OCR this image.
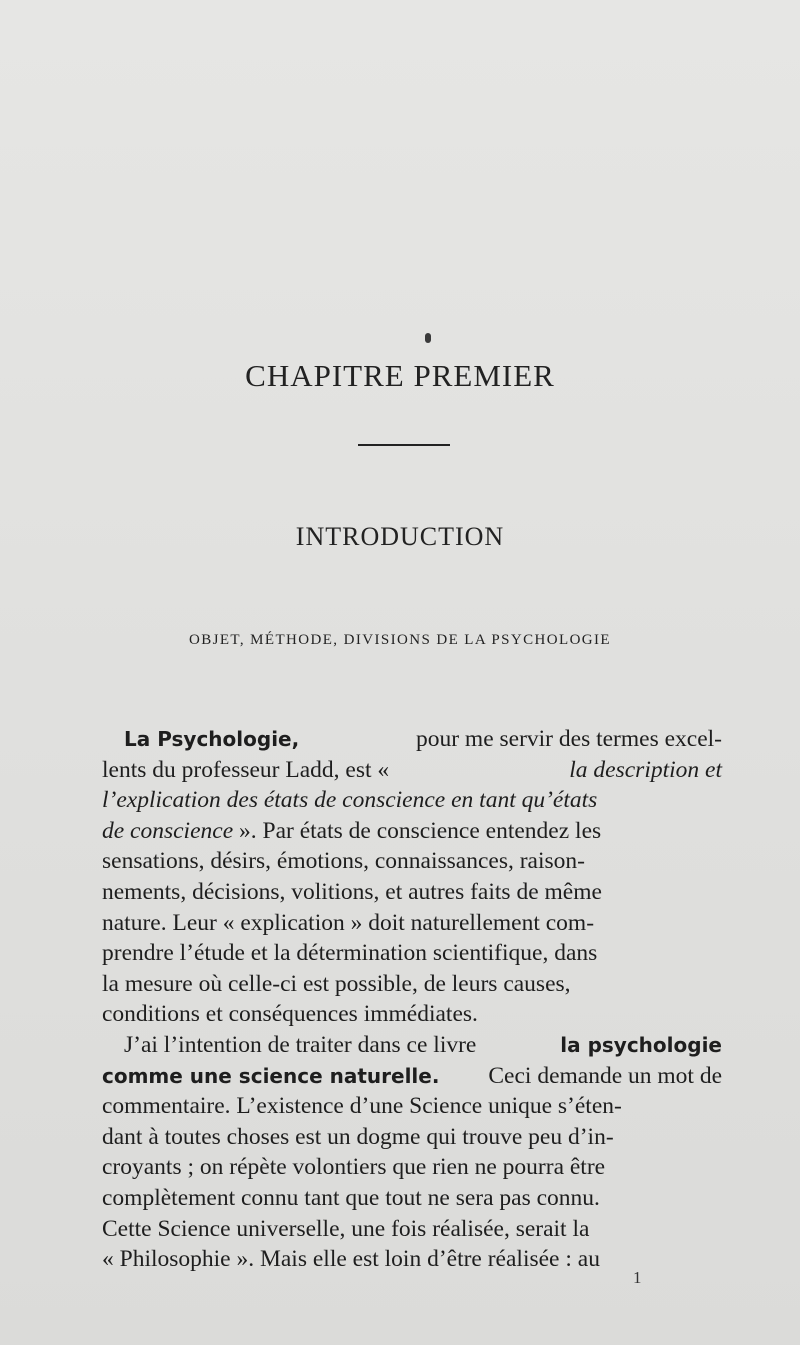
CHAPITRE PREMIER
INTRODUCTION
OBJET, MÉTHODE, DIVISIONS DE LA PSYCHOLOGIE
La Psychologie,	pour me servir des termes excel-
lents du professeur Ladd, est «	la description et
l’explication des états de conscience en tant qu’états
de conscience ». Par états de conscience entendez les
sensations, désirs, émotions, connaissances, raison-
nements, décisions, volitions, et autres faits de même
nature. Leur « explication » doit naturellement com-
prendre l’étude et la détermination scientifique, dans
la mesure où celle-ci est possible, de leurs causes,
conditions et conséquences immédiates.
J’ai l’intention de traiter dans ce livre	la psychologie
comme une science naturelle. Ceci demande un mot de
commentaire. L’existence d’une Science unique s’éten-
dant à toutes choses est un dogme qui trouve peu d’in-
croyants ; on répète volontiers que rien ne pourra être
complètement connu tant que tout ne sera pas connu.
Cette Science universelle, une fois réalisée, serait la
« Philosophie ». Mais elle est loin d’être réalisée : au
1
